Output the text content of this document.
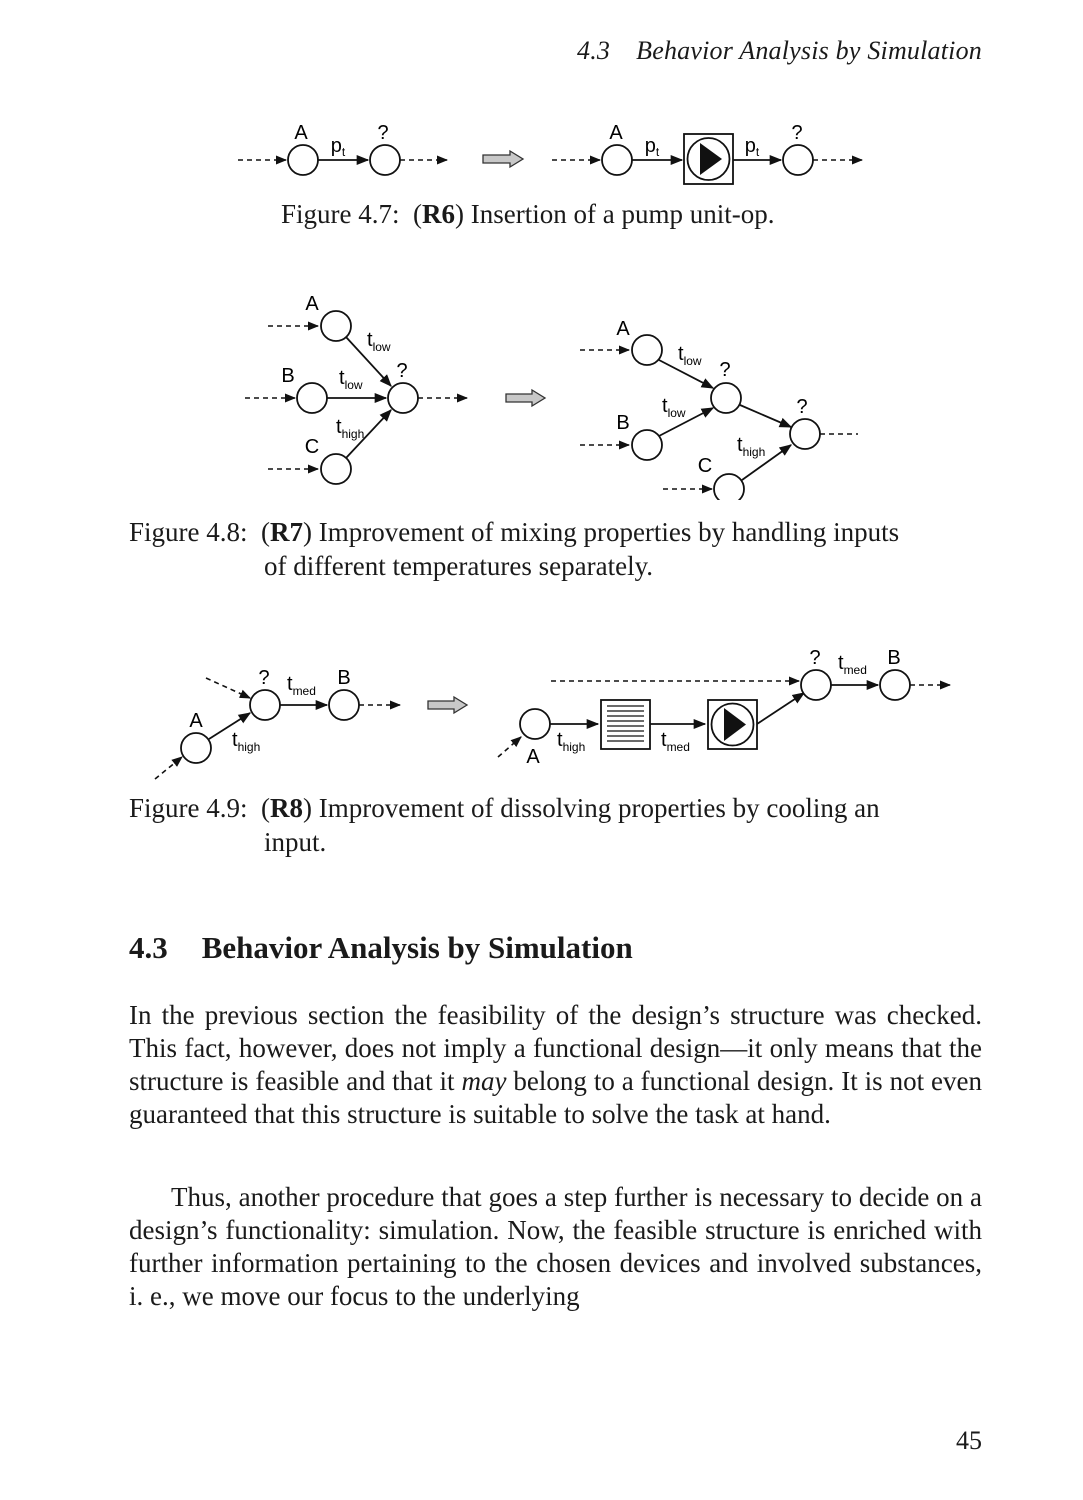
4.3 Behavior Analysis by Simulation
A	?
$p_t$
A	?
$p_t$	$p_t$
Figure 4.7: (R6) Insertion of a pump unit-op.
A
B
C
?
$t_{low}$
$t_{low}$
$t_{high}$
A
B
C
?
?
$t_{low}$
$t_{low}$
$t_{high}$
Figure 4.8: (R7) Improvement of mixing properties by handling inputs
of different temperatures separately.
A
?	B
$t_{med}$
$t_{high}$	A
?	B
$t_{med}$
$t_{high}$	$t_{med}$
Figure 4.9: (R8) Improvement of dissolving properties by cooling an
input.
4.3 Behavior Analysis by Simulation

In the previous section the feasibility of the design’s structure was checked. This fact, however, does not imply a functional design—it only means that the structure is feasible and that it may belong to a functional design. It is not even guaranteed that this structure is suitable to solve the task at hand.

Thus, another procedure that goes a step further is necessary to decide on a design’s functionality: simulation. Now, the feasible structure is enriched with further information pertaining to the chosen devices and involved substances, i. e., we move our focus to the underlying

45
